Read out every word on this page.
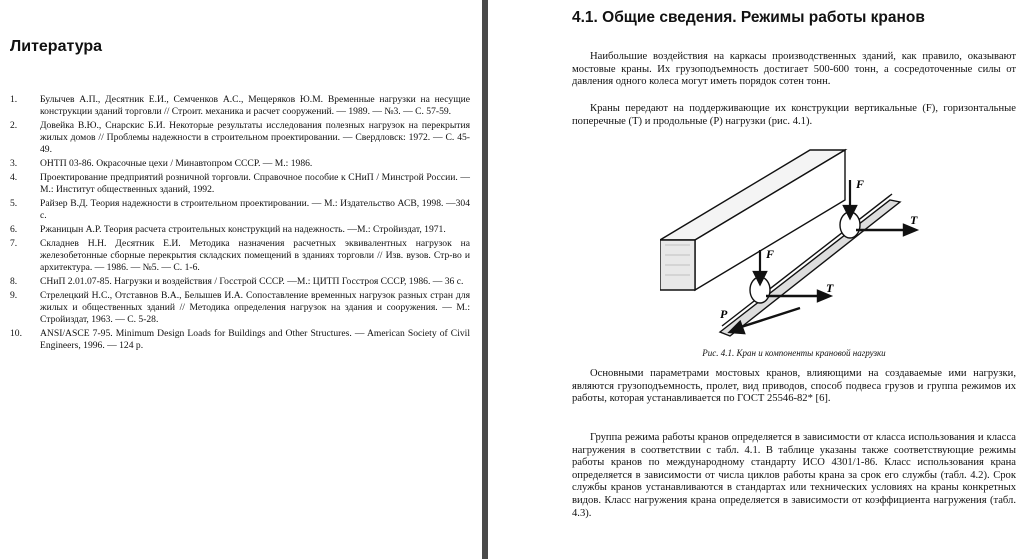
Литература
1.	Булычев А.П., Десятник Е.И., Семченков А.С., Мещеряков Ю.М. Временные нагрузки на несущие конструкции зданий торговли // Строит. механика и расчет сооружений. — 1989. — №3. — С. 57-59.
2.	Довейка В.Ю., Снарскис Б.И. Некоторые результаты исследования полезных нагрузок на перекрытия жилых домов // Проблемы надежности в строительном проектировании. — Свердловск: 1972. — С. 45-49.
3.	ОНТП 03-86. Окрасочные цехи / Минавтопром СССР. — М.: 1986.
4.	Проектирование предприятий розничной торговли. Справочное пособие к СНиП / Минстрой России. — М.: Институт общественных зданий, 1992.
5.	Райзер В.Д. Теория надежности в строительном проектировании. — М.: Издательство АСВ, 1998. —304 с.
6.	Ржаницын А.Р. Теория расчета строительных конструкций на надежность. —М.: Стройиздат, 1971.
7.	Складнев Н.Н. Десятник Е.И. Методика назначения расчетных эквивалентных нагрузок на железобетонные сборные перекрытия складских помещений в зданиях торговли // Изв. вузов. Стр-во и архитектура. — 1986. — №5. — С. 1-6.
8.	СНиП 2.01.07-85. Нагрузки и воздействия / Госстрой СССР. —М.: ЦИТП Госстроя СССР, 1986. — 36 с.
9.	Стрелецкий Н.С., Отставнов В.А., Белышев И.А. Сопоставление временных нагрузок разных стран для жилых и общественных зданий // Методика определения нагрузок на здания и сооружения. — М.: Стройиздат, 1963. — С. 5-28.
10.	ANSI/ASCE 7-95. Minimum Design Loads for Buildings and Other Structures. — American Society of Civil Engineers, 1996. — 124 p.
4.1. Общие сведения. Режимы работы кранов

Наибольшие воздействия на каркасы производственных зданий, как правило, оказывают мостовые краны. Их грузоподъемность достигает 500-600 тонн, а сосредоточенные силы от давления одного колеса могут иметь порядок сотен тонн.

Краны передают на поддерживающие их конструкции вертикальные (F), горизонтальные поперечные (T) и продольные (P) нагрузки (рис. 4.1).

F
F
T
T
P
Рис. 4.1. Кран и компоненты крановой нагрузки

Основными параметрами мостовых кранов, влияющими на создаваемые ими нагрузки, являются грузоподъемность, пролет, вид приводов, способ подвеса грузов и группа режимов их работы, которая устанавливается по ГОСТ 25546-82* [6].

Группа режима работы кранов определяется в зависимости от класса использования и класса нагружения в соответствии с табл. 4.1. В таблице указаны также соответствующие режимы работы кранов по международному стандарту ИСО 4301/1-86. Класс использования крана определяется в зависимости от числа циклов работы крана за срок его службы (табл. 4.2). Срок службы кранов устанавливаются в стандартах или технических условиях на краны конкретных видов. Класс нагружения крана определяется в зависимости от коэффициента нагружения (табл. 4.3).
